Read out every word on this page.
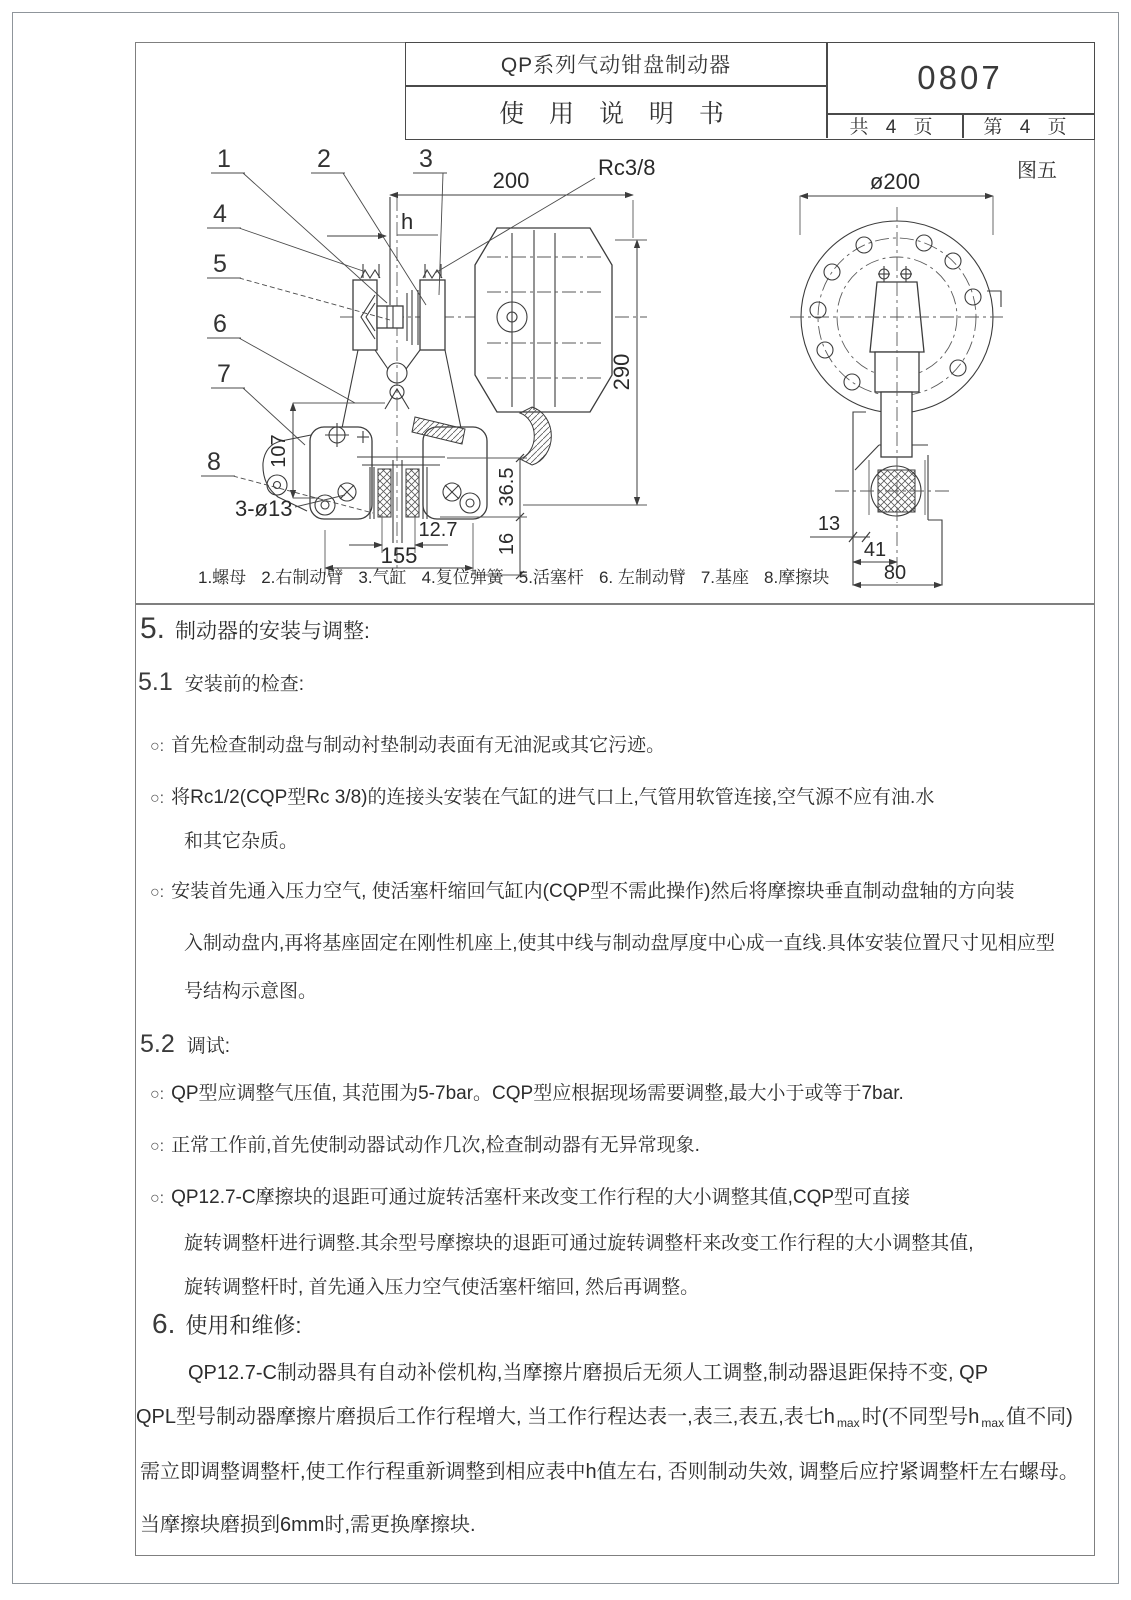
QP系列气动钳盘制动器
使 用 说 明 书
0807
共 4 页	第 4 页
200
h
290
107
36.5
16
12.7
155
3-ø13
Rc3/8
1	2	3
4
5
6
7
8
ø200
13
41
80
图五
1.螺母 2.右制动臂 3.气缸 4.复位弹簧 5.活塞杆 6. 左制动臂 7.基座 8.摩擦块
5. 制动器的安装与调整:
5.1 安装前的检查:
○: 首先检查制动盘与制动衬垫制动表面有无油泥或其它污迹。
○: 将Rc1/2(CQP型Rc 3/8)的连接头安装在气缸的进气口上,气管用软管连接,空气源不应有油.水
和其它杂质。
○: 安装首先通入压力空气, 使活塞杆缩回气缸内(CQP型不需此操作)然后将摩擦块垂直制动盘轴的方向装
入制动盘内,再将基座固定在刚性机座上,使其中线与制动盘厚度中心成一直线.具体安装位置尺寸见相应型
号结构示意图。
5.2 调试:
○: QP型应调整气压值, 其范围为5-7bar。CQP型应根据现场需要调整,最大小于或等于7bar.
○: 正常工作前,首先使制动器试动作几次,检查制动器有无异常现象.
○: QP12.7-C摩擦块的退距可通过旋转活塞杆来改变工作行程的大小调整其值,CQP型可直接
旋转调整杆进行调整.其余型号摩擦块的退距可通过旋转调整杆来改变工作行程的大小调整其值,
旋转调整杆时, 首先通入压力空气使活塞杆缩回, 然后再调整。
6. 使用和维修:
QP12.7-C制动器具有自动补偿机构,当摩擦片磨损后无须人工调整,制动器退距保持不变, QP
QPL型号制动器摩擦片磨损后工作行程增大, 当工作行程达表一,表三,表五,表七h $_{max}$ 时(不同型号h $_{max}$ 值不同)
需立即调整调整杆,使工作行程重新调整到相应表中h值左右, 否则制动失效, 调整后应拧紧调整杆左右螺母。
当摩擦块磨损到6mm时,需更换摩擦块.
